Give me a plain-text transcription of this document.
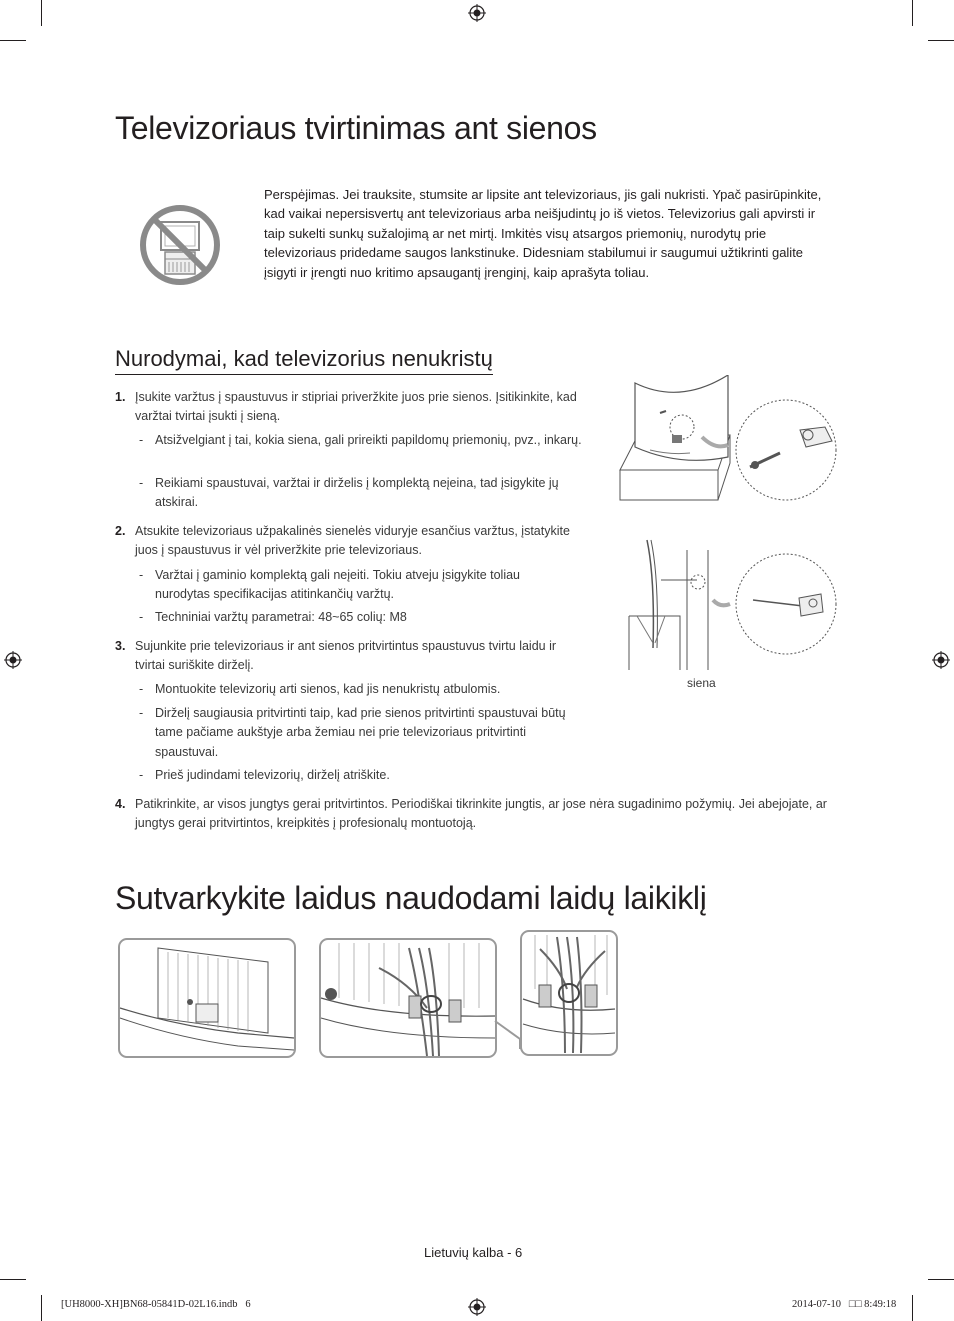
Televizoriaus tvirtinimas ant sienos
Perspėjimas. Jei trauksite, stumsite ar lipsite ant televizoriaus, jis gali nukristi. Ypač pasirūpinkite, kad vaikai nepersisvertų ant televizoriaus arba neišjudintų jo iš vietos. Televizorius gali apvirsti ir taip sukelti sunkų sužalojimą ar net mirtį. Imkitės visų atsargos priemonių, nurodytų prie televizoriaus pridedame saugos lankstinuke. Didesniam stabilumui ir saugumui užtikrinti galite įsigyti ir įrengti nuo kritimo apsaugantį įrenginį, kaip aprašyta toliau.
Nurodymai, kad televizorius nenukristų
1. Įsukite varžtus į spaustuvus ir stipriai priveržkite juos prie sienos. Įsitikinkite, kad varžtai tvirtai įsukti į sieną.
- Atsižvelgiant į tai, kokia siena, gali prireikti papildomų priemonių, pvz., inkarų.
- Reikiami spaustuvai, varžtai ir dirželis į komplektą neįeina, tad įsigykite jų atskirai.
2. Atsukite televizoriaus užpakalinės sienelės viduryje esančius varžtus, įstatykite juos į spaustuvus ir vėl priveržkite prie televizoriaus.
- Varžtai į gaminio komplektą gali neįeiti. Tokiu atveju įsigykite toliau nurodytas specifikacijas atitinkančių varžtų.
- Techniniai varžtų parametrai: 48~65 colių: M8
3. Sujunkite prie televizoriaus ir ant sienos pritvirtintus spaustuvus tvirtu laidu ir tvirtai suriškite dirželį.
- Montuokite televizorių arti sienos, kad jis nenukristų atbulomis.
- Dirželį saugiausia pritvirtinti taip, kad prie sienos pritvirtinti spaustuvai būtų tame pačiame aukštyje arba žemiau nei prie televizoriaus pritvirtinti spaustuvai.
- Prieš judindami televizorių, dirželį atriškite.
4. Patikrinkite, ar visos jungtys gerai pritvirtintos. Periodiškai tikrinkite jungtis, ar jose nėra sugadinimo požymių. Jei abejojate, ar jungtys gerai pritvirtintos, kreipkitės į profesionalų montuotoją.
siena
Sutvarkykite laidus naudodami laidų laikiklį
Lietuvių kalba - 6
[UH8000-XH]BN68-05841D-02L16.indb   6	2014-07-10   □□ 8:49:18
